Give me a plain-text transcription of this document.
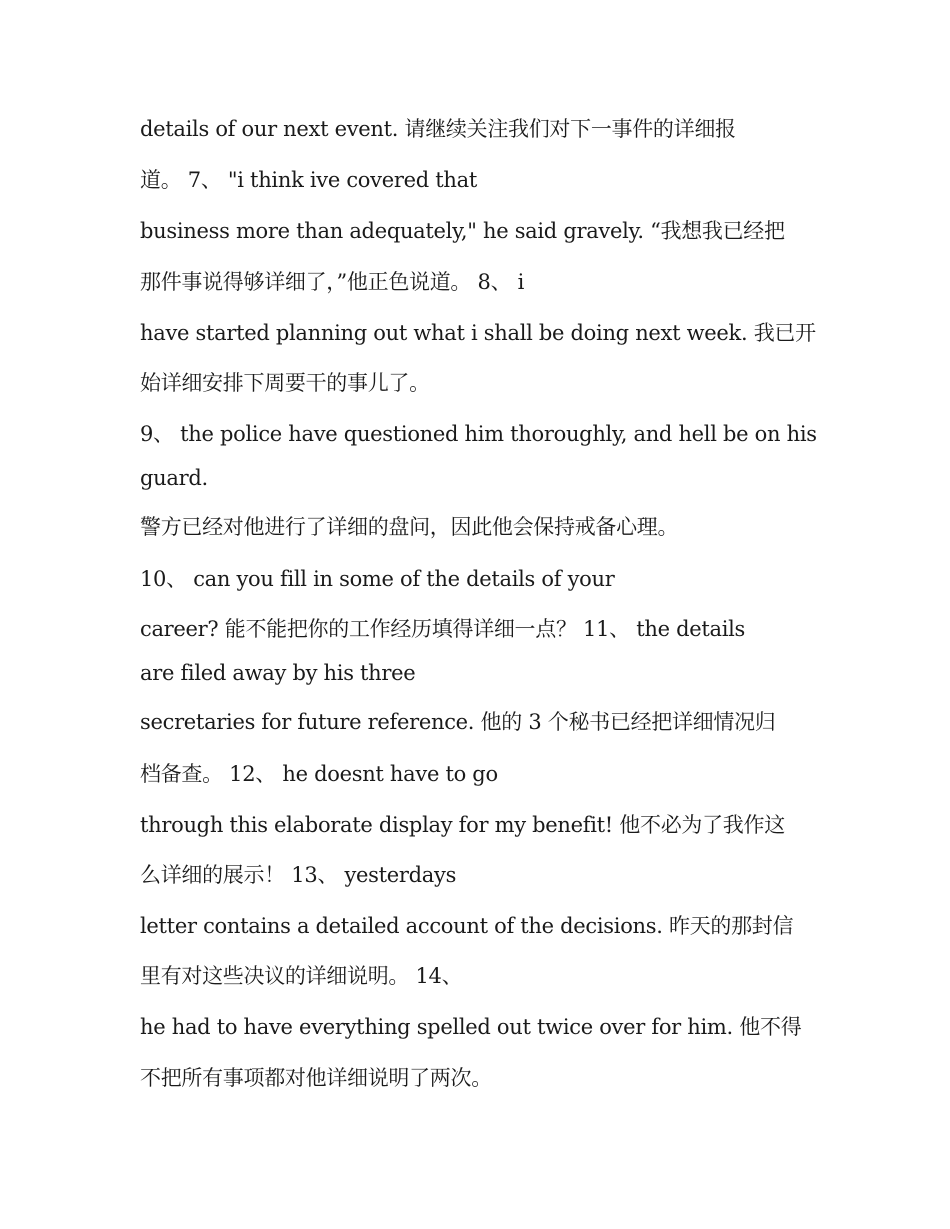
details of our next event. 请继续关注我们对下一事件的详细报
道。 7、 "i think ive covered that
business more than adequately," he said gravely. “我想我已经把
那件事说得够详细了，”他正色说道。 8、 i
have started planning out what i shall be doing next week. 我已开
始详细安排下周要干的事儿了。
9、 the police have questioned him thoroughly, and hell be on his
guard.
警方已经对他进行了详细的盘问，因此他会保持戒备心理。
10、 can you fill in some of the details of your
career? 能不能把你的工作经历填得详细一点？ 11、 the details
are filed away by his three
secretaries for future reference. 他的 3 个秘书已经把详细情况归
档备查。 12、 he doesnt have to go
through this elaborate display for my benefit! 他不必为了我作这
么详细的展示！ 13、 yesterdays
letter contains a detailed account of the decisions. 昨天的那封信
里有对这些决议的详细说明。 14、
he had to have everything spelled out twice over for him. 他不得
不把所有事项都对他详细说明了两次。
